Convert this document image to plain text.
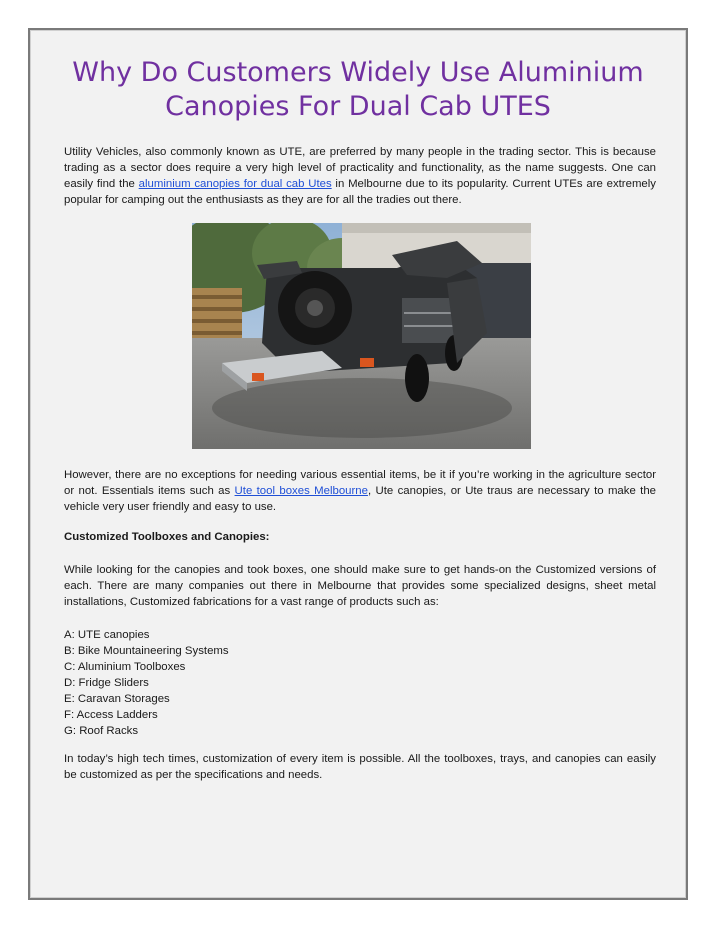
Why Do Customers Widely Use Aluminium Canopies For Dual Cab UTES

Utility Vehicles, also commonly known as UTE, are preferred by many people in the trading sector. This is because trading as a sector does require a very high level of practicality and functionality, as the name suggests. One can easily find the aluminium canopies for dual cab Utes in Melbourne due to its popularity. Current UTEs are extremely popular for camping out the enthusiasts as they are for all the tradies out there.

However, there are no exceptions for needing various essential items, be it if you’re working in the agriculture sector or not. Essentials items such as Ute tool boxes Melbourne, Ute canopies, or Ute traus are necessary to make the vehicle very user friendly and easy to use.

Customized Toolboxes and Canopies:

While looking for the canopies and took boxes, one should make sure to get hands-on the Customized versions of each. There are many companies out there in Melbourne that provides some specialized designs, sheet metal installations, Customized fabrications for a vast range of products such as:

A: UTE canopies
B: Bike Mountaineering Systems
C: Aluminium Toolboxes
D: Fridge Sliders
E: Caravan Storages
F: Access Ladders
G: Roof Racks

In today’s high tech times, customization of every item is possible. All the toolboxes, trays, and canopies can easily be customized as per the specifications and needs.
